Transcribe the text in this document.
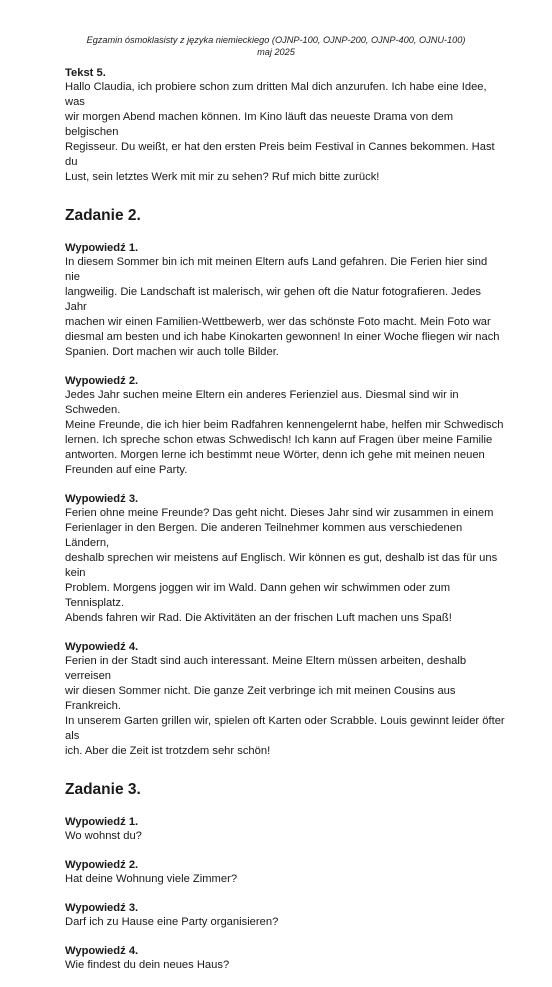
Egzamin ósmoklasisty z języka niemieckiego (OJNP-100, OJNP-200, OJNP-400, OJNU-100)
maj 2025

Tekst 5.

Hallo Claudia, ich probiere schon zum dritten Mal dich anzurufen. Ich habe eine Idee, was
wir morgen Abend machen können. Im Kino läuft das neueste Drama von dem belgischen
Regisseur. Du weißt, er hat den ersten Preis beim Festival in Cannes bekommen. Hast du
Lust, sein letztes Werk mit mir zu sehen? Ruf mich bitte zurück!

Zadanie 2.

Wypowiedź 1.

In diesem Sommer bin ich mit meinen Eltern aufs Land gefahren. Die Ferien hier sind nie
langweilig. Die Landschaft ist malerisch, wir gehen oft die Natur fotografieren. Jedes Jahr
machen wir einen Familien-Wettbewerb, wer das schönste Foto macht. Mein Foto war
diesmal am besten und ich habe Kinokarten gewonnen! In einer Woche fliegen wir nach
Spanien. Dort machen wir auch tolle Bilder.

Wypowiedź 2.

Jedes Jahr suchen meine Eltern ein anderes Ferienziel aus. Diesmal sind wir in Schweden.
Meine Freunde, die ich hier beim Radfahren kennengelernt habe, helfen mir Schwedisch
lernen. Ich spreche schon etwas Schwedisch! Ich kann auf Fragen über meine Familie
antworten. Morgen lerne ich bestimmt neue Wörter, denn ich gehe mit meinen neuen
Freunden auf eine Party.

Wypowiedź 3.

Ferien ohne meine Freunde? Das geht nicht. Dieses Jahr sind wir zusammen in einem
Ferienlager in den Bergen. Die anderen Teilnehmer kommen aus verschiedenen Ländern,
deshalb sprechen wir meistens auf Englisch. Wir können es gut, deshalb ist das für uns kein
Problem. Morgens joggen wir im Wald. Dann gehen wir schwimmen oder zum Tennisplatz.
Abends fahren wir Rad. Die Aktivitäten an der frischen Luft machen uns Spaß!

Wypowiedź 4.

Ferien in der Stadt sind auch interessant. Meine Eltern müssen arbeiten, deshalb verreisen
wir diesen Sommer nicht. Die ganze Zeit verbringe ich mit meinen Cousins aus Frankreich.
In unserem Garten grillen wir, spielen oft Karten oder Scrabble. Louis gewinnt leider öfter als
ich. Aber die Zeit ist trotzdem sehr schön!

Zadanie 3.

Wypowiedź 1.

Wo wohnst du?

Wypowiedź 2.

Hat deine Wohnung viele Zimmer?

Wypowiedź 3.

Darf ich zu Hause eine Party organisieren?

Wypowiedź 4.

Wie findest du dein neues Haus?
